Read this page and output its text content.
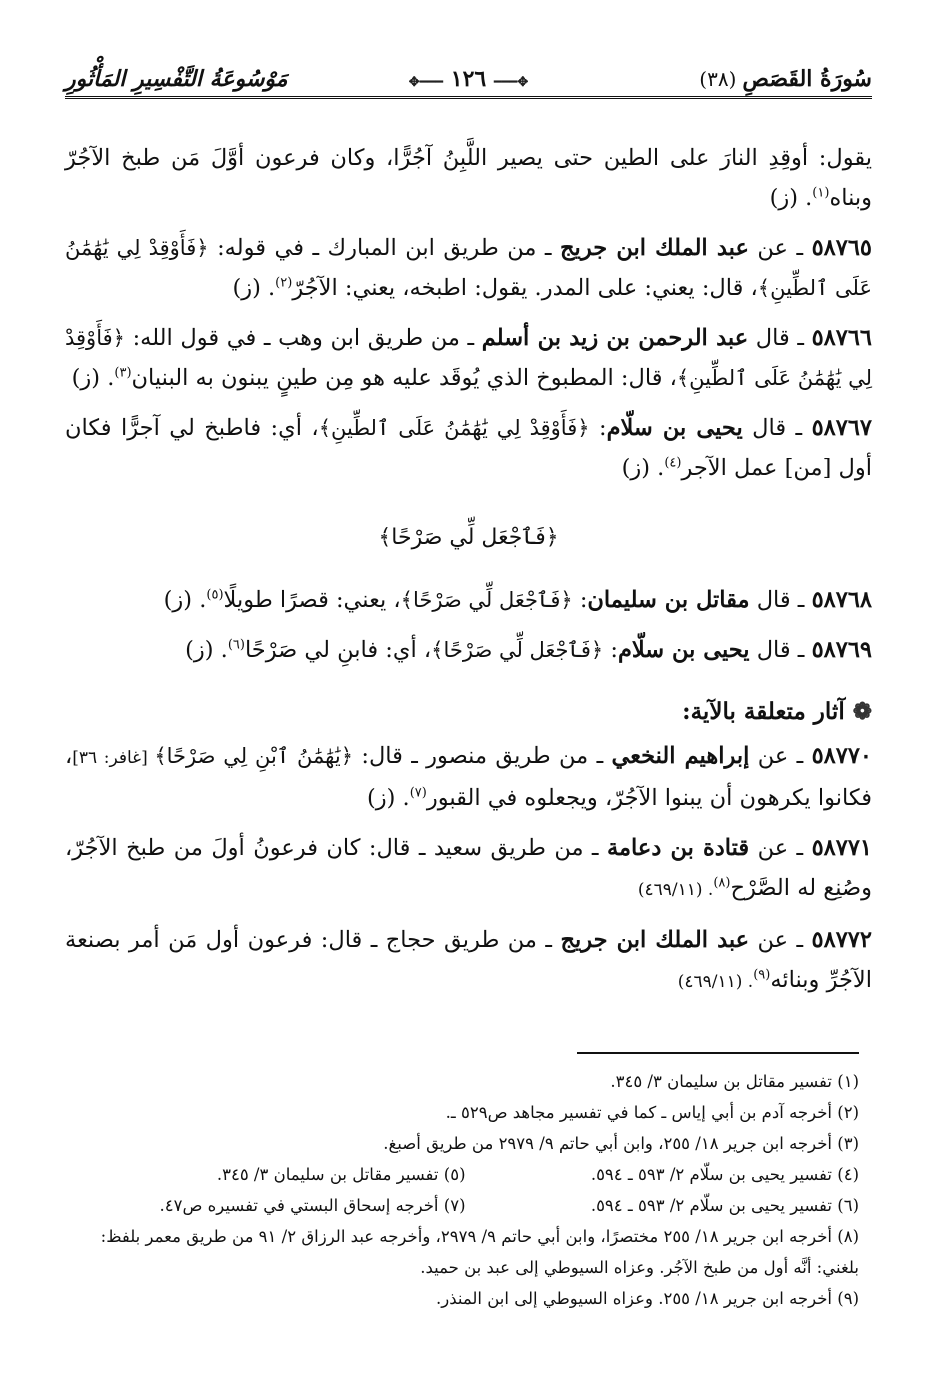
سُورَةُ القَصَصِ(٣٨)
✥━━━ ١٢٦ ━━━✥
مَوْسُوعَةُ التَّفْسِيرِ المَأْثُورِ

يقول: أوقِدِ النارَ على الطين حتى يصير اللَّبِنُ آجُرًّا، وكان فرعون أوَّلَ مَن طبخ الآجُرّ وبناه$^{(١)}$. (ز)

٥٨٧٦٥ ـ عن عبد الملك ابن جريج ـ من طريق ابن المبارك ـ في قوله: ﴿فَأَوْقِدْ لِي يَٰهَٰمَٰنُ عَلَى ٱلطِّينِ﴾، قال: يعني: على المدر. يقول: اطبخه، يعني: الآجُرّ$^{(٢)}$. (ز)

٥٨٧٦٦ ـ قال عبد الرحمن بن زيد بن أسلم ـ من طريق ابن وهب ـ في قول الله: ﴿فَأَوْقِدْ لِي يَٰهَٰمَٰنُ عَلَى ٱلطِّينِ﴾، قال: المطبوخ الذي يُوقَد عليه هو مِن طينٍ يبنون به البنيان$^{(٣)}$. (ز)

٥٨٧٦٧ ـ قال يحيى بن سلّام: ﴿فَأَوْقِدْ لِي يَٰهَٰمَٰنُ عَلَى ٱلطِّينِ﴾، أي: فاطبخ لي آجرًّا فكان أول [من] عمل الآجر$^{(٤)}$. (ز)

﴿فَٱجْعَل لِّي صَرْحًا﴾

٥٨٧٦٨ ـ قال مقاتل بن سليمان: ﴿فَٱجْعَل لِّي صَرْحًا﴾، يعني: قصرًا طويلًا$^{(٥)}$. (ز)

٥٨٧٦٩ ـ قال يحيى بن سلّام: ﴿فَٱجْعَل لِّي صَرْحًا﴾، أي: فابنِ لي صَرْحًا$^{(٦)}$. (ز)

❁آثار متعلقة بالآية:

٥٨٧٧٠ ـ عن إبراهيم النخعي ـ من طريق منصور ـ قال: ﴿يَٰهَٰمَٰنُ ٱبْنِ لِي صَرْحًا﴾ [غافر: ٣٦]، فكانوا يكرهون أن يبنوا الآجُرّ، ويجعلوه في القبور$^{(٧)}$. (ز)

٥٨٧٧١ ـ عن قتادة بن دعامة ـ من طريق سعيد ـ قال: كان فرعونُ أولَ من طبخ الآجُرّ، وصُنِع له الصَّرْح$^{(٨)}$. (٤٦٩/١١)

٥٨٧٧٢ ـ عن عبد الملك ابن جريج ـ من طريق حجاج ـ قال: فرعون أول مَن أمر بصنعة الآجُرِّ وبنائه$^{(٩)}$. (٤٦٩/١١)

(١) تفسير مقاتل بن سليمان ٣/ ٣٤٥.

(٢) أخرجه آدم بن أبي إياس ـ كما في تفسير مجاهد ص٥٢٩ ـ.

(٣) أخرجه ابن جرير ١٨/ ٢٥٥، وابن أبي حاتم ٩/ ٢٩٧٩ من طريق أصبغ.

(٤) تفسير يحيى بن سلّام ٢/ ٥٩٣ ـ ٥٩٤.

(٥) تفسير مقاتل بن سليمان ٣/ ٣٤٥.

(٦) تفسير يحيى بن سلّام ٢/ ٥٩٣ ـ ٥٩٤.

(٧) أخرجه إسحاق البستي في تفسيره ص٤٧.

(٨) أخرجه ابن جرير ١٨/ ٢٥٥ مختصرًا، وابن أبي حاتم ٩/ ٢٩٧٩، وأخرجه عبد الرزاق ٢/ ٩١ من طريق معمر بلفظ: بلغني: أنَّه أول من طبخ الآجُر. وعزاه السيوطي إلى عبد بن حميد.

(٩) أخرجه ابن جرير ١٨/ ٢٥٥. وعزاه السيوطي إلى ابن المنذر.
